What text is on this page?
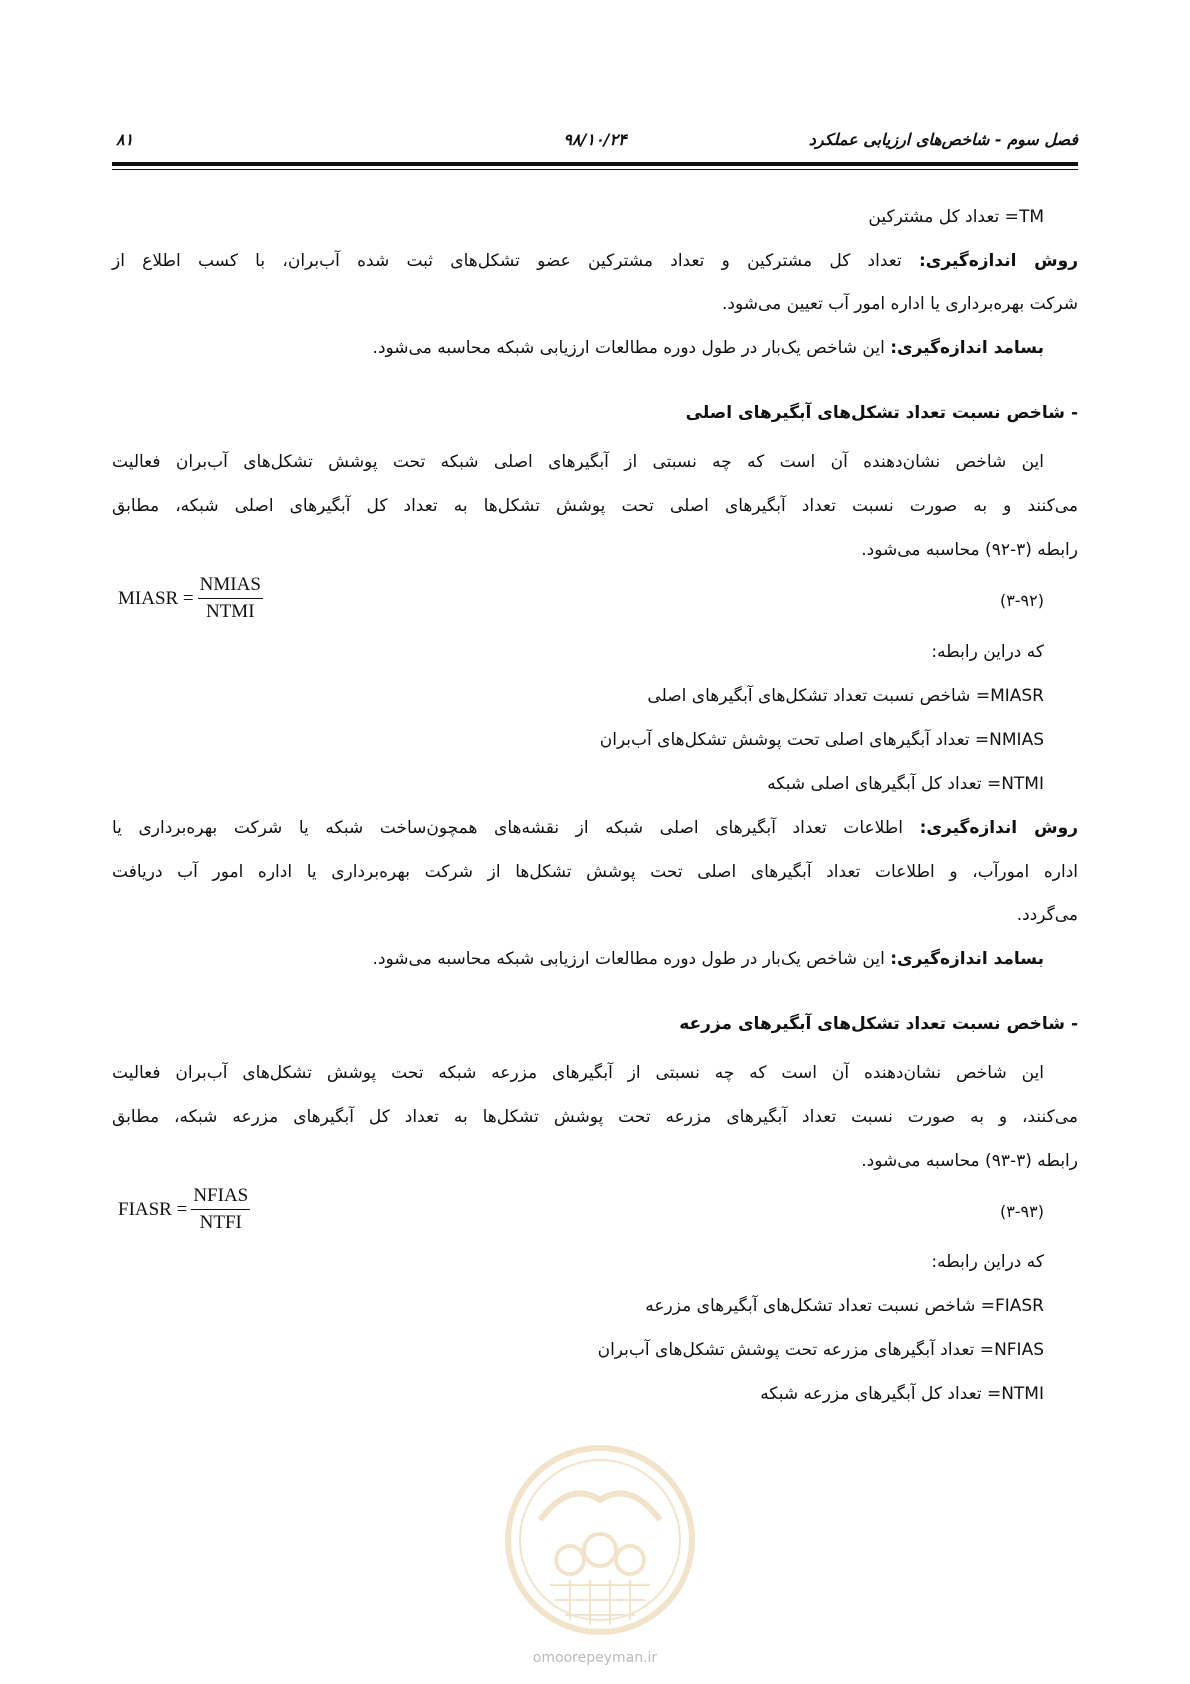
فصل سوم - شاخص‌های ارزیابی عملکرد
۹۸/۱۰/۲۴
۸۱
TM= تعداد کل مشترکین
روش اندازه‌گیری: تعداد کل مشترکین و تعداد مشترکین عضو تشکل‌های ثبت شده آب‌بران، با کسب اطلاع از
شرکت بهره‌برداری یا اداره امور آب تعیین می‌شود.
بسامد اندازه‌گیری: این شاخص یک‌بار در طول دوره مطالعات ارزیابی شبکه محاسبه می‌شود.
- شاخص نسبت تعداد تشکل‌های آبگیرهای اصلی
این شاخص نشان‌دهنده آن است که چه نسبتی از آبگیرهای اصلی شبکه تحت پوشش تشکل‌های آب‌بران فعالیت
می‌کنند و به صورت نسبت تعداد آبگیرهای اصلی تحت پوشش تشکل‌ها به تعداد کل آبگیرهای اصلی شبکه، مطابق
رابطه (۳-۹۲) محاسبه می‌شود.
MIASR = $\frac{\text{NMIAS}}{\text{NTMI}}$	(۳-۹۲)
که دراین رابطه:
MIASR= شاخص نسبت تعداد تشکل‌های آبگیرهای اصلی
NMIAS= تعداد آبگیرهای اصلی تحت پوشش تشکل‌های آب‌بران
NTMI= تعداد کل آبگیرهای اصلی شبکه
روش اندازه‌گیری: اطلاعات تعداد آبگیرهای اصلی شبکه از نقشه‌های همچون‌ساخت شبکه یا شرکت بهره‌برداری یا
اداره امورآب، و اطلاعات تعداد آبگیرهای اصلی تحت پوشش تشکل‌ها از شرکت بهره‌برداری یا اداره امور آب دریافت
می‌گردد.
بسامد اندازه‌گیری: این شاخص یک‌بار در طول دوره مطالعات ارزیابی شبکه محاسبه می‌شود.
- شاخص نسبت تعداد تشکل‌های آبگیرهای مزرعه
این شاخص نشان‌دهنده آن است که چه نسبتی از آبگیرهای مزرعه شبکه تحت پوشش تشکل‌های آب‌بران فعالیت
می‌کنند، و به صورت نسبت تعداد آبگیرهای مزرعه تحت پوشش تشکل‌ها به تعداد کل آبگیرهای مزرعه شبکه، مطابق
رابطه (۳-۹۳) محاسبه می‌شود.
FIASR = $\frac{\text{NFIAS}}{\text{NTFI}}$	(۳-۹۳)
که دراین رابطه:
FIASR= شاخص نسبت تعداد تشکل‌های آبگیرهای مزرعه
NFIAS= تعداد آبگیرهای مزرعه تحت پوشش تشکل‌های آب‌بران
NTMI= تعداد کل آبگیرهای مزرعه شبکه
omoorepeyman.ir
